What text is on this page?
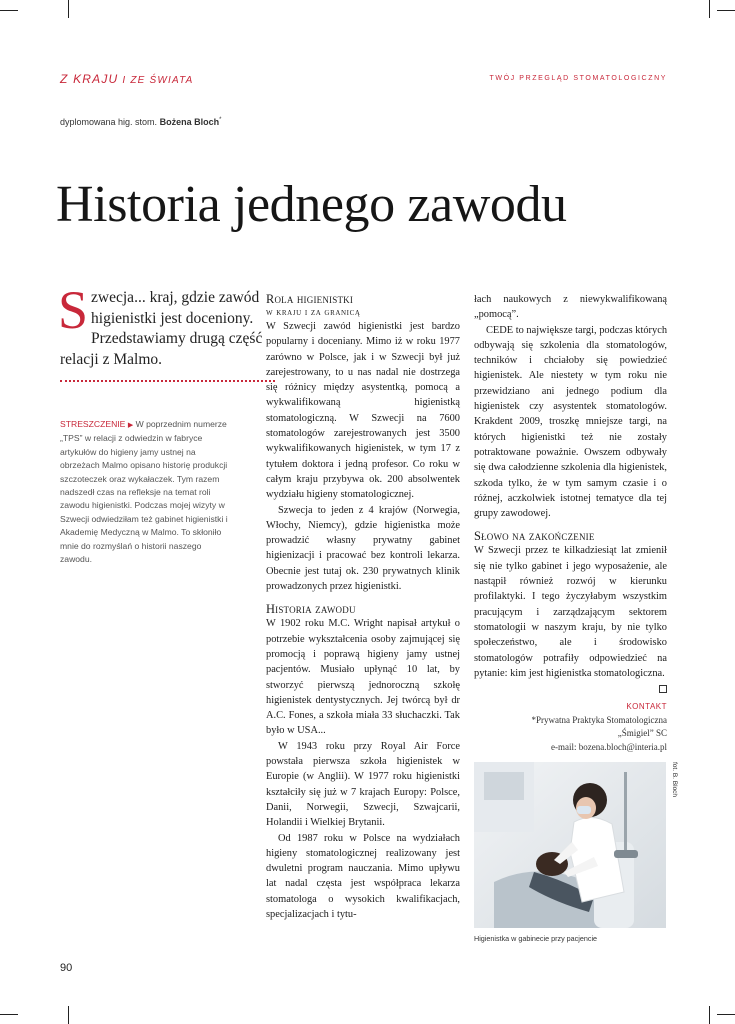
Z KRAJU I ZE ŚWIATA	TWÓJ PRZEGLĄD STOMATOLOGICZNY
dyplomowana hig. stom. Bożena Bloch*
Historia jednego zawodu
S zwecja... kraj, gdzie zawód higienistki jest doceniony. Przedstawiamy drugą część relacji z Malmo.
STRESZCZENIE ▶ W poprzednim numerze „TPS” w relacji z odwiedzin w fabryce artykułów do higieny jamy ustnej na obrzeżach Malmo opisano historię produkcji szczoteczek oraz wykałaczek. Tym razem nadszedł czas na refleksje na temat roli zawodu higienistki. Podczas mojej wizyty w Szwecji odwiedziłam też gabinet higienistki i Akademię Medyczną w Malmo. To skłoniło mnie do rozmyślań o historii naszego zawodu.
Rola higienistki
w kraju i za granicą

W Szwecji zawód higienistki jest bardzo popularny i doceniany. Mimo iż w roku 1977 zarówno w Polsce, jak i w Szwecji był już zarejestrowany, to u nas nadal nie dostrzega się różnicy między asystentką, pomocą a wykwalifikowaną higienistką stomatologiczną. W Szwecji na 7600 stomatologów zarejestrowanych jest 3500 wykwalifikowanych higienistek, w tym 17 z tytułem doktora i jedną profesor. Co roku w całym kraju przybywa ok. 200 absolwentek wydziału higieny stomatologicznej.

Szwecja to jeden z 4 krajów (Norwegia, Włochy, Niemcy), gdzie higienistka może prowadzić własny prywatny gabinet higienizacji i pracować bez kontroli lekarza. Obecnie jest tutaj ok. 230 prywatnych klinik prowadzonych przez higienistki.

Historia zawodu

W 1902 roku M.C. Wright napisał artykuł o potrzebie wykształcenia osoby zajmującej się promocją i poprawą higieny jamy ustnej pacjentów. Musiało upłynąć 10 lat, by stworzyć pierwszą jednoroczną szkołę higienistek dentystycznych. Jej twórcą był dr A.C. Fones, a szkoła miała 33 słuchaczki. Tak było w USA...

W 1943 roku przy Royal Air Force powstała pierwsza szkoła higienistek w Europie (w Anglii). W 1977 roku higienistki kształciły się już w 7 krajach Europy: Polsce, Danii, Norwegii, Szwecji, Szwajcarii, Holandii i Wielkiej Brytanii.

Od 1987 roku w Polsce na wydziałach higieny stomatologicznej realizowany jest dwuletni program nauczania. Mimo upływu lat nadal częsta jest współpraca lekarza stomatologa o wysokich kwalifikacjach, specjalizacjach i tytu-

łach naukowych z niewykwalifikowaną „pomocą”.

CEDE to największe targi, podczas których odbywają się szkolenia dla stomatologów, techników i chciałoby się powiedzieć higienistek. Ale niestety w tym roku nie przewidziano ani jednego podium dla higienistek czy asystentek stomatologów. Krakdent 2009, troszkę mniejsze targi, na których higienistki też nie zostały potraktowane poważnie. Owszem odbywały się dwa całodzienne szkolenia dla higienistek, szkoda tylko, że w tym samym czasie i o różnej, aczkolwiek istotnej tematyce dla tej grupy zawodowej.

Słowo na zakończenie

W Szwecji przez te kilkadziesiąt lat zmienił się nie tylko gabinet i jego wyposażenie, ale nastąpił również rozwój w kierunku profilaktyki. I tego życzyłabym wszystkim pracującym i zarządzającym sektorem stomatologii w naszym kraju, by nie tylko społeczeństwo, ale i środowisko stomatologów potrafiły odpowiedzieć na pytanie: kim jest higienistka stomatologiczna.

KONTAKT
*Prywatna Praktyka Stomatologiczna
„Śmigiel” SC
e-mail: bozena.bloch@interia.pl
fot. B. Bloch
Higienistka w gabinecie przy pacjencie
90
